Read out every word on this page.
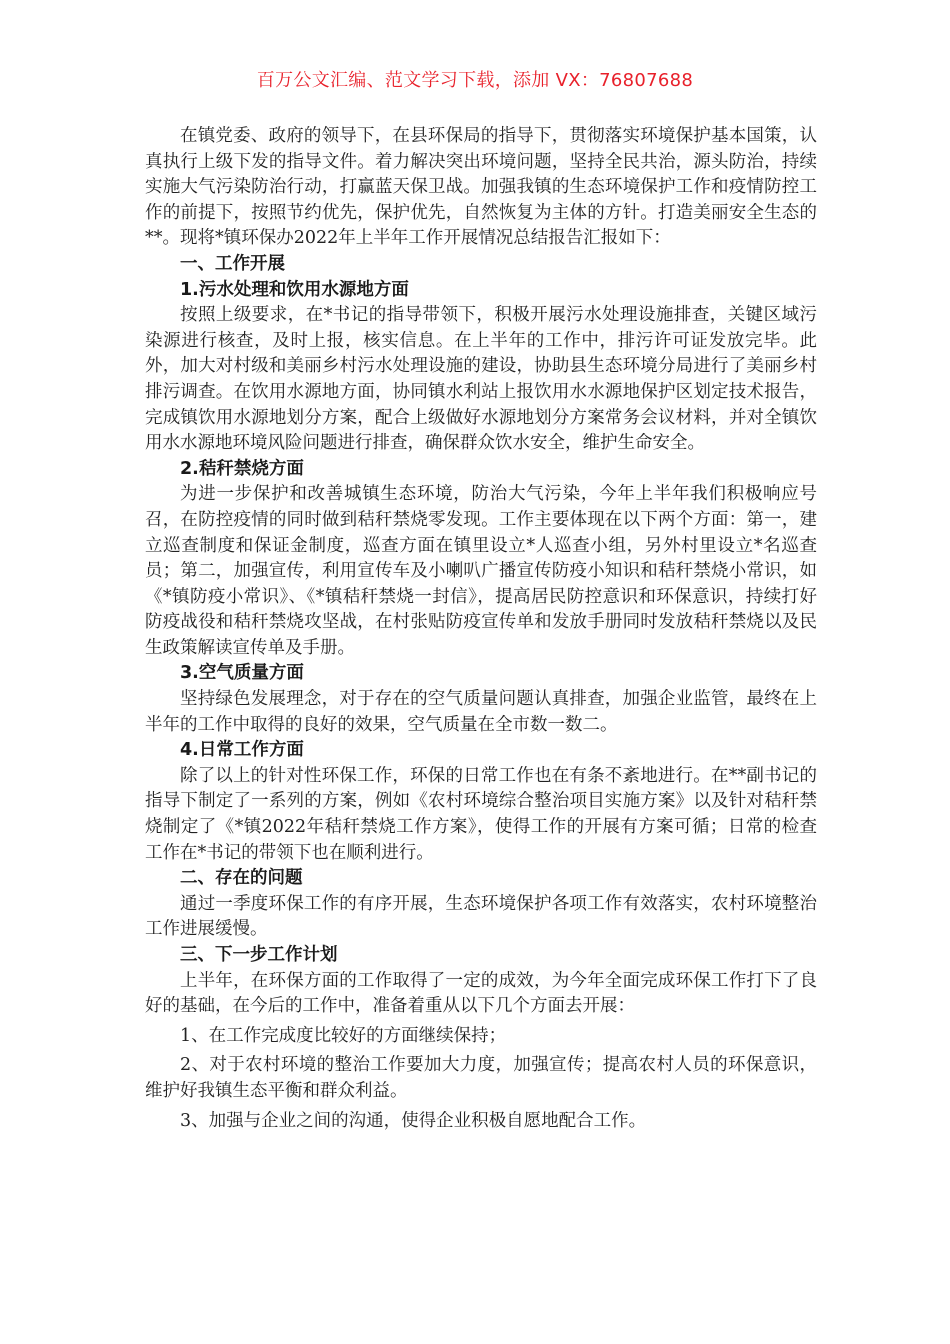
百万公文汇编、范文学习下载，添加 VX：76807688

在镇党委、政府的领导下，在县环保局的指导下，贯彻落实环境保护基本国策，认真执行上级下发的指导文件。着力解决突出环境问题，坚持全民共治，源头防治，持续实施大气污染防治行动，打赢蓝天保卫战。加强我镇的生态环境保护工作和疫情防控工作的前提下，按照节约优先，保护优先，自然恢复为主体的方针。打造美丽安全生态的**。现将*镇环保办2022年上半年工作开展情况总结报告汇报如下：

一、工作开展

1.污水处理和饮用水源地方面

按照上级要求，在*书记的指导带领下，积极开展污水处理设施排查，关键区域污染源进行核查，及时上报，核实信息。在上半年的工作中，排污许可证发放完毕。此外，加大对村级和美丽乡村污水处理设施的建设，协助县生态环境分局进行了美丽乡村排污调查。在饮用水源地方面，协同镇水利站上报饮用水水源地保护区划定技术报告，完成镇饮用水源地划分方案，配合上级做好水源地划分方案常务会议材料，并对全镇饮用水水源地环境风险问题进行排查，确保群众饮水安全，维护生命安全。

2.秸秆禁烧方面

为进一步保护和改善城镇生态环境，防治大气污染，今年上半年我们积极响应号召，在防控疫情的同时做到秸秆禁烧零发现。工作主要体现在以下两个方面：第一，建立巡查制度和保证金制度，巡查方面在镇里设立*人巡查小组，另外村里设立*名巡查员；第二，加强宣传，利用宣传车及小喇叭广播宣传防疫小知识和秸秆禁烧小常识，如《*镇防疫小常识》、《*镇秸秆禁烧一封信》，提高居民防控意识和环保意识，持续打好防疫战役和秸秆禁烧攻坚战，在村张贴防疫宣传单和发放手册同时发放秸秆禁烧以及民生政策解读宣传单及手册。

3.空气质量方面

坚持绿色发展理念，对于存在的空气质量问题认真排查，加强企业监管，最终在上半年的工作中取得的良好的效果，空气质量在全市数一数二。

4.日常工作方面

除了以上的针对性环保工作，环保的日常工作也在有条不紊地进行。在**副书记的指导下制定了一系列的方案，例如《农村环境综合整治项目实施方案》以及针对秸秆禁烧制定了《*镇2022年秸秆禁烧工作方案》，使得工作的开展有方案可循；日常的检查工作在*书记的带领下也在顺利进行。

二、存在的问题

通过一季度环保工作的有序开展，生态环境保护各项工作有效落实，农村环境整治工作进展缓慢。

三、下一步工作计划

上半年，在环保方面的工作取得了一定的成效，为今年全面完成环保工作打下了良好的基础，在今后的工作中，准备着重从以下几个方面去开展：

1、在工作完成度比较好的方面继续保持；

2、对于农村环境的整治工作要加大力度，加强宣传；提高农村人员的环保意识，维护好我镇生态平衡和群众利益。

3、加强与企业之间的沟通，使得企业积极自愿地配合工作。
